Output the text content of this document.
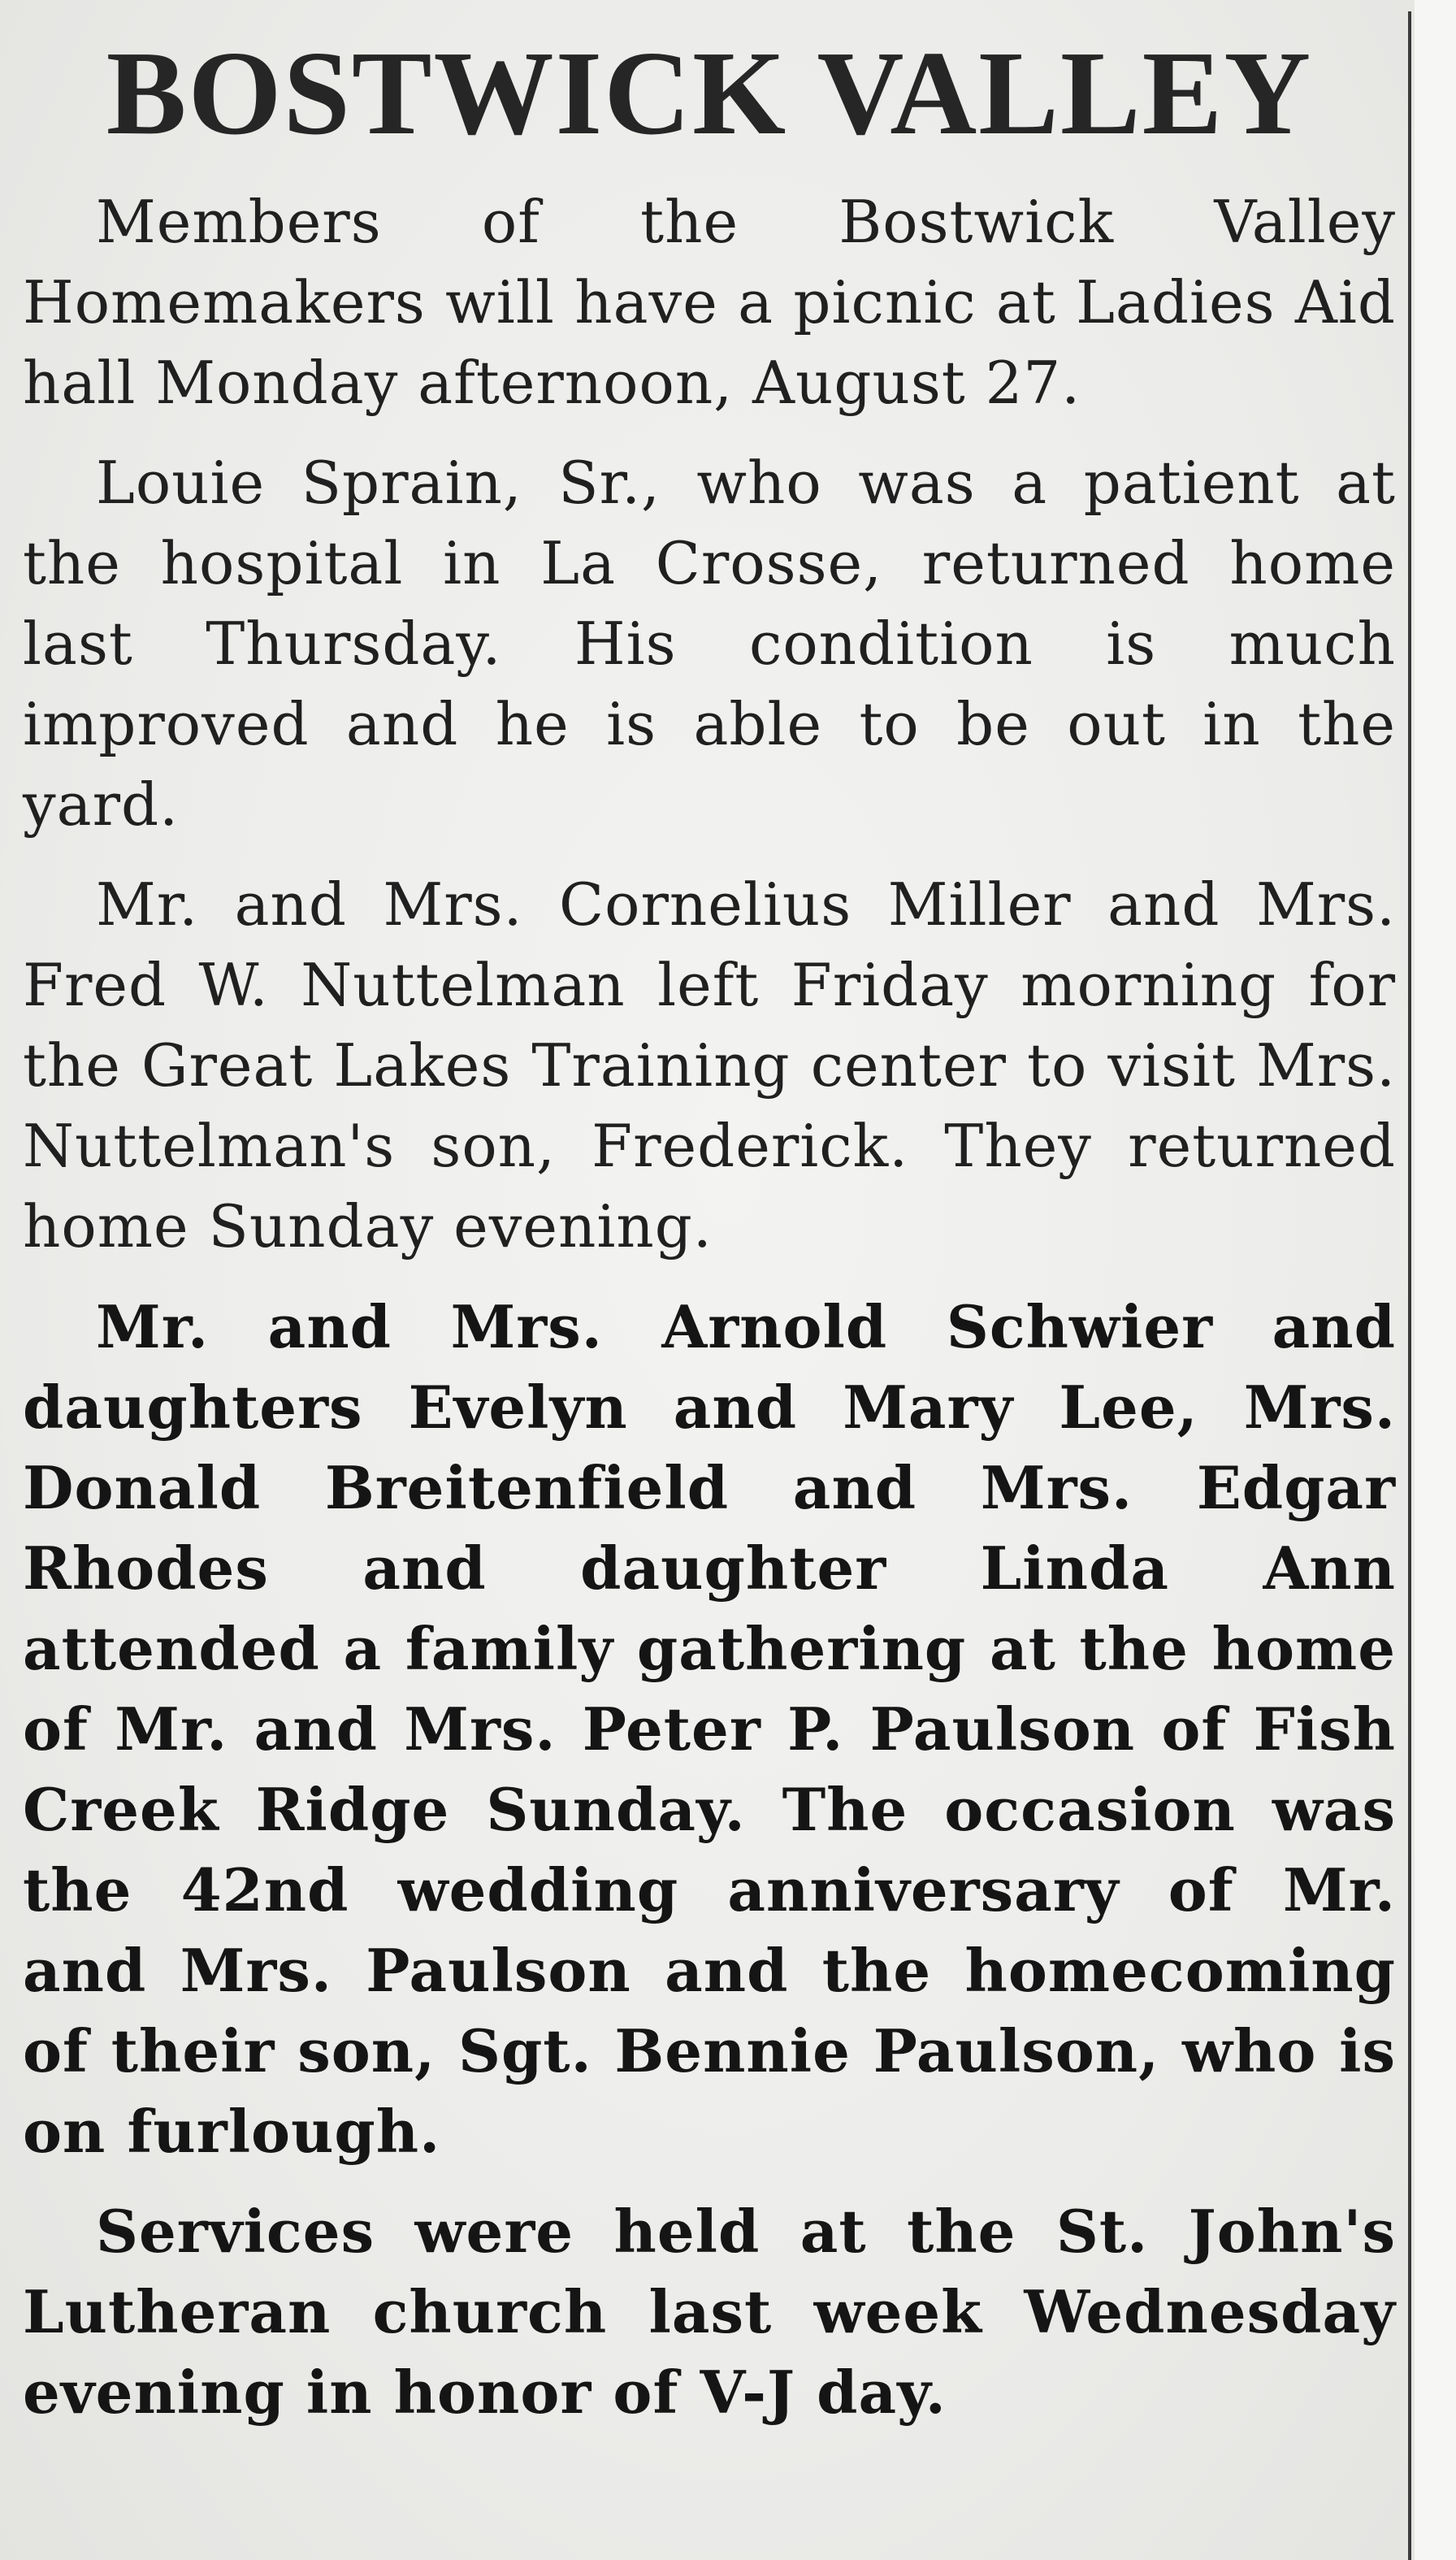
BOSTWICK VALLEY

Members of the Bostwick Valley Homemakers will have a picnic at Ladies Aid hall Monday afternoon, August 27.

Louie Sprain, Sr., who was a patient at the hospital in La Crosse, returned home last Thursday. His condition is much improved and he is able to be out in the yard.

Mr. and Mrs. Cornelius Miller and Mrs. Fred W. Nuttelman left Friday morning for the Great Lakes Training center to visit Mrs. Nuttelman's son, Frederick. They returned home Sunday evening.

Mr. and Mrs. Arnold Schwier and daughters Evelyn and Mary Lee, Mrs. Donald Breitenfield and Mrs. Edgar Rhodes and daughter Linda Ann attended a family gathering at the home of Mr. and Mrs. Peter P. Paulson of Fish Creek Ridge Sunday. The occasion was the 42nd wedding anniversary of Mr. and Mrs. Paulson and the homecoming of their son, Sgt. Bennie Paulson, who is on furlough.

Services were held at the St. John's Lutheran church last week Wednesday evening in honor of V-J day.
